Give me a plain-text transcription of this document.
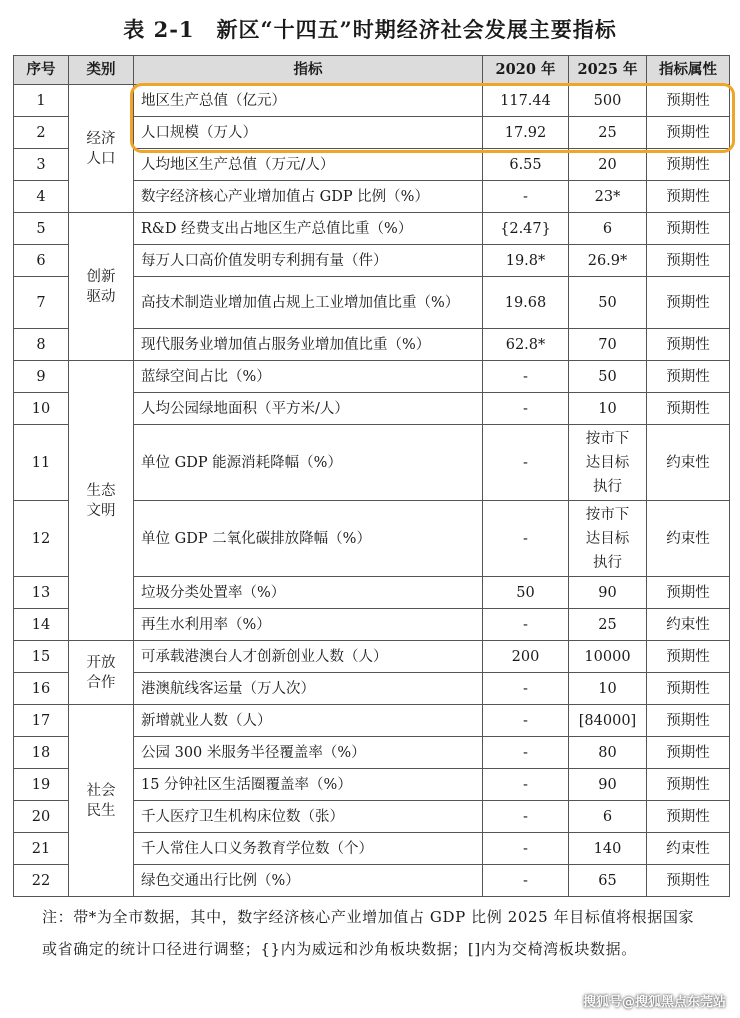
表 2-1　新区“十四五”时期经济社会发展主要指标
序号	类别	指标	2020 年	2025 年	指标属性
1	经济人口	地区生产总值（亿元）	117.44	500	预期性
2		人口规模（万人）	17.92	25	预期性
3		人均地区生产总值（万元/人）	6.55	20	预期性
4		数字经济核心产业增加值占 GDP 比例（%）	-	23*	预期性
5	创新驱动	R&D 经费支出占地区生产总值比重（%）	{2.47}	6	预期性
6		每万人口高价值发明专利拥有量（件）	19.8*	26.9*	预期性
7		高技术制造业增加值占规上工业增加值比重（%）	19.68	50	预期性
8		现代服务业增加值占服务业增加值比重（%）	62.8*	70	预期性
9	生态文明	蓝绿空间占比（%）	-	50	预期性
10		人均公园绿地面积（平方米/人）	-	10	预期性
11		单位 GDP 能源消耗降幅（%）	-	按市下达目标执行	约束性
12		单位 GDP 二氧化碳排放降幅（%）	-	按市下达目标执行	约束性
13		垃圾分类处置率（%）	50	90	预期性
14		再生水利用率（%）	-	25	约束性
15	开放合作	可承载港澳台人才创新创业人数（人）	200	10000	预期性
16		港澳航线客运量（万人次）	-	10	预期性
17	社会民生	新增就业人数（人）	-	[84000]	预期性
18		公园 300 米服务半径覆盖率（%）	-	80	预期性
19		15 分钟社区生活圈覆盖率（%）	-	90	预期性
20		千人医疗卫生机构床位数（张）	-	6	预期性
21		千人常住人口义务教育学位数（个）	-	140	约束性
22		绿色交通出行比例（%）	-	65	预期性
注：带*为全市数据，其中，数字经济核心产业增加值占 GDP 比例 2025 年目标值将根据国家或省确定的统计口径进行调整；{}内为威远和沙角板块数据；[]内为交椅湾板块数据。
搜狐号@搜狐黑点东莞站
